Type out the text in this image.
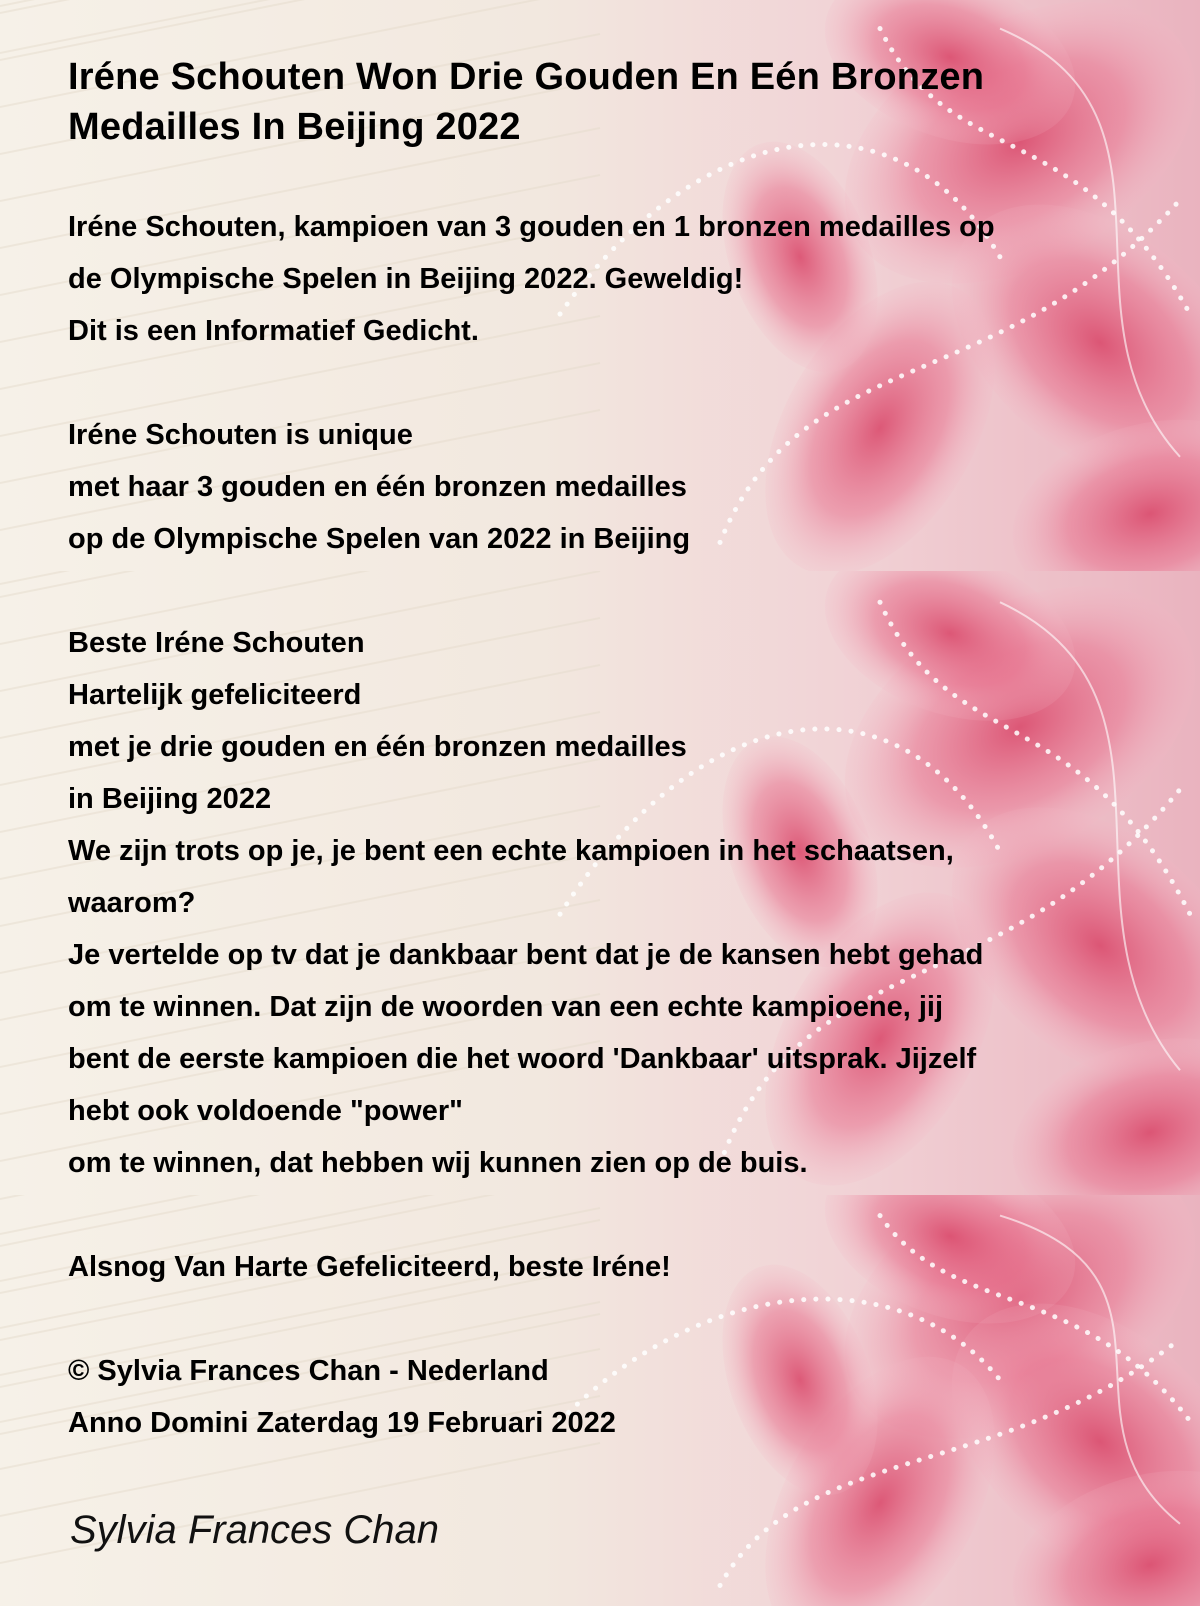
Iréne Schouten Won Drie Gouden En Eén Bronzen Medailles In Beijing 2022
Iréne Schouten, kampioen van 3 gouden en 1 bronzen medailles op
de Olympische Spelen in Beijing 2022. Geweldig!
Dit is een Informatief Gedicht.
Iréne Schouten is unique
met haar 3 gouden en één bronzen medailles
op de Olympische Spelen van 2022 in Beijing
Beste Iréne Schouten
Hartelijk gefeliciteerd
met je drie gouden en één bronzen medailles
in Beijing 2022
We zijn trots op je, je bent een echte kampioen in het schaatsen,
waarom?
Je vertelde op tv dat je dankbaar bent dat je de kansen hebt gehad
om te winnen. Dat zijn de woorden van een echte kampioene, jij
bent de eerste kampioen die het woord 'Dankbaar' uitsprak. Jijzelf
hebt ook voldoende "power"
om te winnen, dat hebben wij kunnen zien op de buis.
Alsnog Van Harte Gefeliciteerd, beste Iréne!
© Sylvia Frances Chan - Nederland
Anno Domini Zaterdag 19 Februari 2022

Sylvia Frances Chan
